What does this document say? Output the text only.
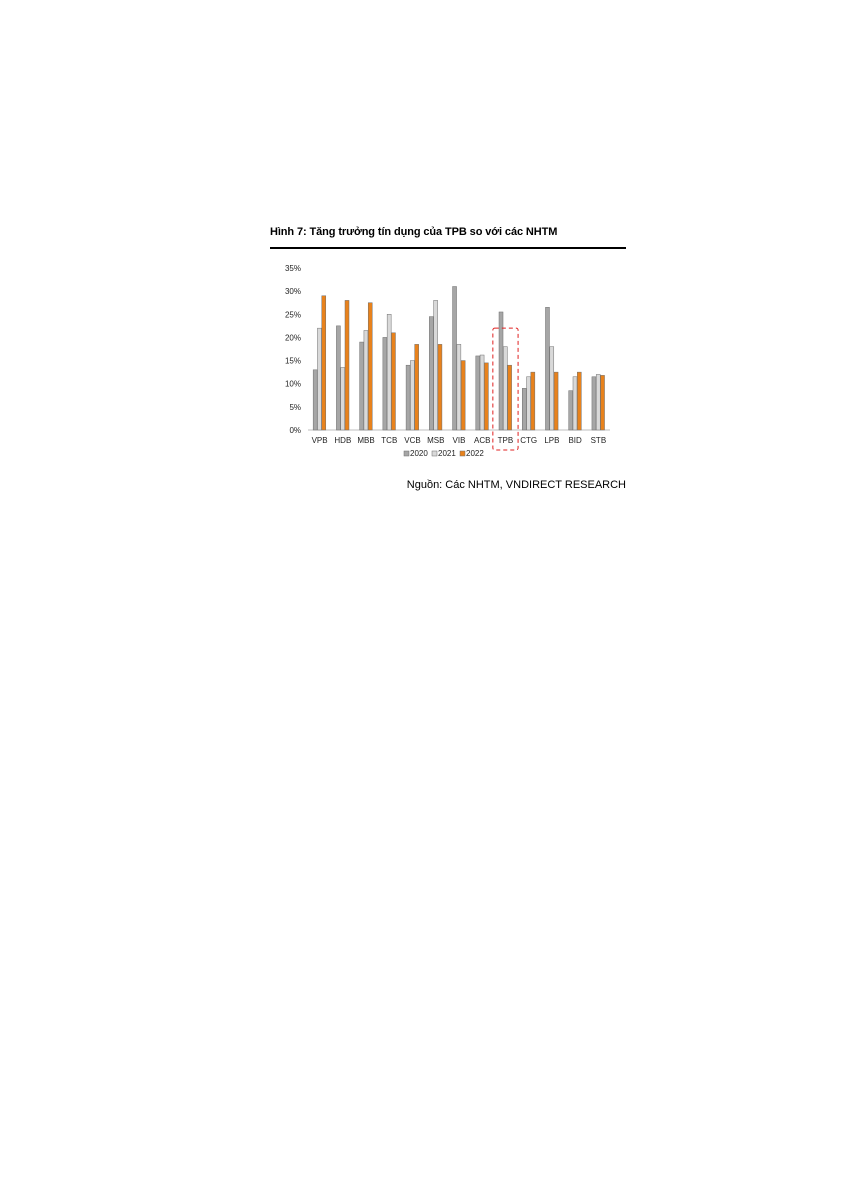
Hình 7: Tăng trưởng tín dụng của TPB so với các NHTM
0%
5%
10%
15%
20%
25%
30%
35%
VPB HDB MBB TCB VCB MSB VIB ACB TPB CTG LPB BID STB
2020 2021 2022
Nguồn: Các NHTM, VNDIRECT RESEARCH
